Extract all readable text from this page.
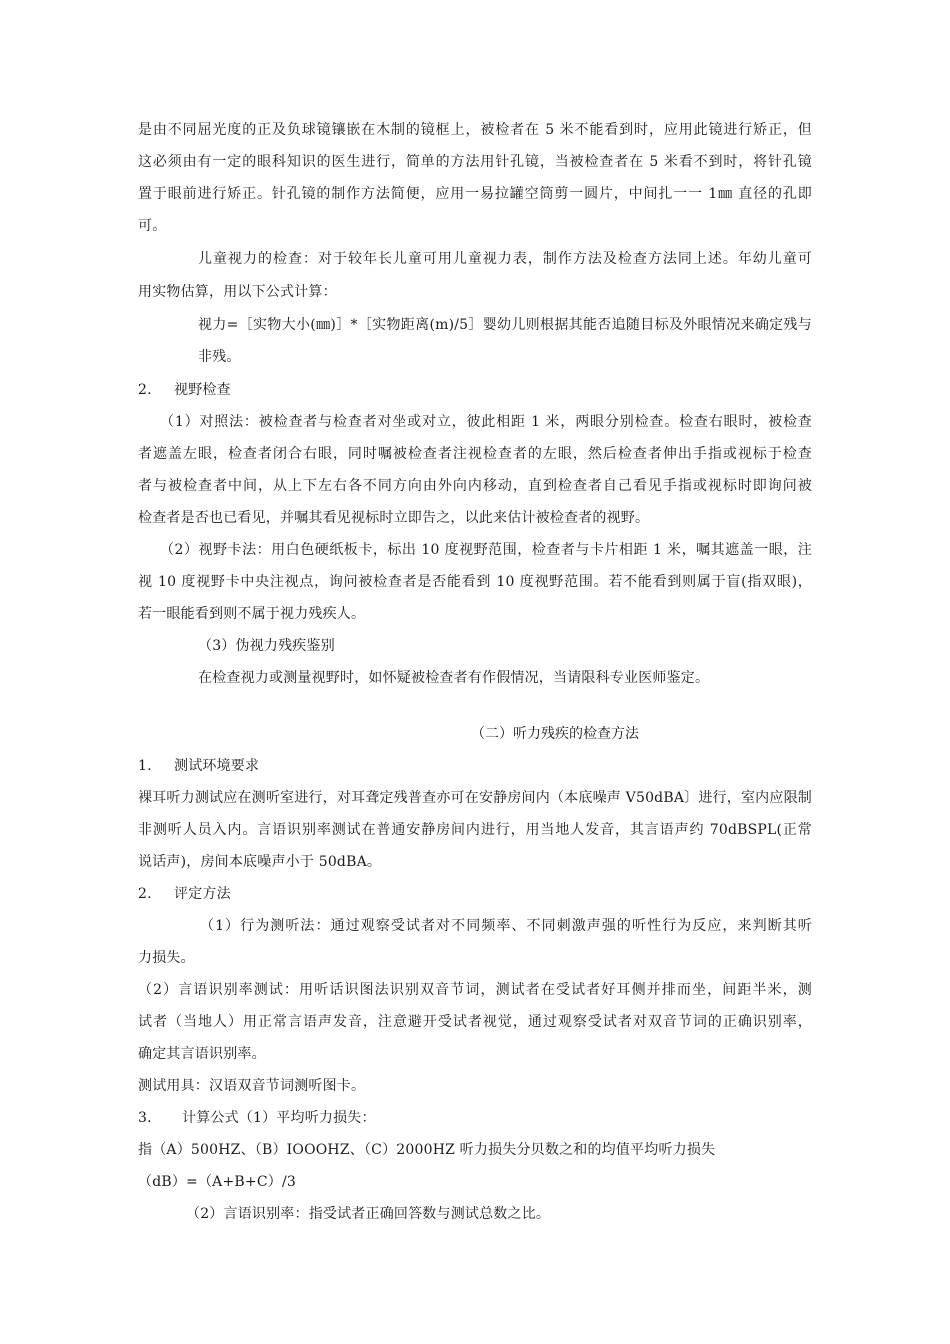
是由不同屈光度的正及负球镜镶嵌在木制的镜框上，被检者在 5 米不能看到时，应用此镜进行矫正，但
这必须由有一定的眼科知识的医生进行，简单的方法用针孔镜，当被检查者在 5 米看不到时，将针孔镜
置于眼前进行矫正。针孔镜的制作方法简便，应用一易拉罐空筒剪一圆片，中间扎一一 1㎜ 直径的孔即
可。
儿童视力的检查：对于较年长儿童可用儿童视力表，制作方法及检查方法同上述。年幼儿童可
用实物估算，用以下公式计算：
视力=［实物大小(㎜)］*［实物距离(m)/5］婴幼儿则根据其能否追随目标及外眼情况来确定残与
非残。
2. 视野检查
（1）对照法：被检查者与检查者对坐或对立，彼此相距 1 米，两眼分别检查。检查右眼时，被检查
者遮盖左眼，检查者闭合右眼，同时嘱被检查者注视检查者的左眼，然后检查者伸出手指或视标于检查
者与被检查者中间，从上下左右各不同方向由外向内移动，直到检查者自己看见手指或视标时即询问被
检查者是否也已看见，并嘱其看见视标时立即告之，以此来估计被检查者的视野。
（2）视野卡法：用白色硬纸板卡，标出 10 度视野范围，检查者与卡片相距 1 米，嘱其遮盖一眼，注
视 10 度视野卡中央注视点，询问被检查者是否能看到 10 度视野范围。若不能看到则属于盲(指双眼)，
若一眼能看到则不属于视力残疾人。
（3）伪视力残疾鉴别
在检查视力或测量视野时，如怀疑被检查者有作假情况，当请限科专业医师鉴定。
（二）听力残疾的检查方法
1. 测试环境要求
裸耳听力测试应在测听室进行，对耳聋定残普查亦可在安静房间内（本底噪声 V50dBA〕进行，室内应限制
非测听人员入内。言语识别率测试在普通安静房间内进行，用当地人发音，其言语声约 70dBSPL(正常
说话声)，房间本底噪声小于 50dBA。
2. 评定方法
（1）行为测听法：通过观察受试者对不同频率、不同刺激声强的听性行为反应，来判断其听
力损失。
（2）言语识别率测试：用听话识图法识别双音节词，测试者在受试者好耳侧并排而坐，间距半米，测
试者（当地人）用正常言语声发音，注意避开受试者视觉，通过观察受试者对双音节词的正确识别率，
确定其言语识别率。
测试用具：汉语双音节词测听图卡。
3. 计算公式（1）平均听力损失：
指（A）500HZ、（B）IOOOHZ、（C）2000HZ 听力损失分贝数之和的均值平均听力损失
（dB）=（A+B+C）/3
（2）言语识别率：指受试者正确回答数与测试总数之比。
